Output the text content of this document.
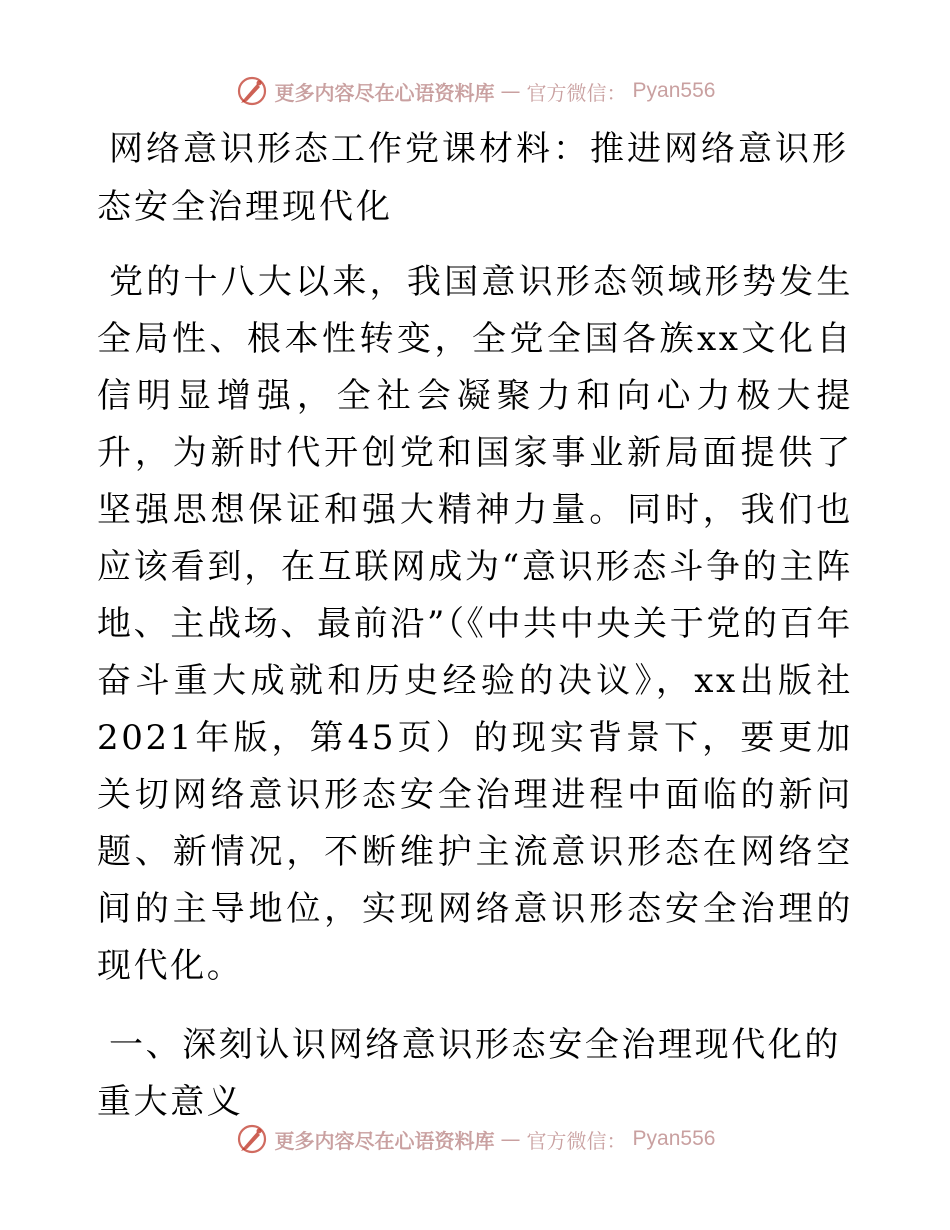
更多内容尽在心语资料库 — 官方微信： Pyan556
网络意识形态工作党课材料：推进网络意识形态安全治理现代化

党的十八大以来，我国意识形态领域形势发生全局性、根本性转变，全党全国各族xx文化自信明显增强，全社会凝聚力和向心力极大提升，为新时代开创党和国家事业新局面提供了坚强思想保证和强大精神力量。同时，我们也应该看到，在互联网成为“意识形态斗争的主阵地、主战场、最前沿”（《中共中央关于党的百年奋斗重大成就和历史经验的决议》，xx出版社2021年版，第45页）的现实背景下，要更加关切网络意识形态安全治理进程中面临的新问题、新情况，不断维护主流意识形态在网络空间的主导地位，实现网络意识形态安全治理的现代化。

一、深刻认识网络意识形态安全治理现代化的重大意义
更多内容尽在心语资料库 — 官方微信： Pyan556
